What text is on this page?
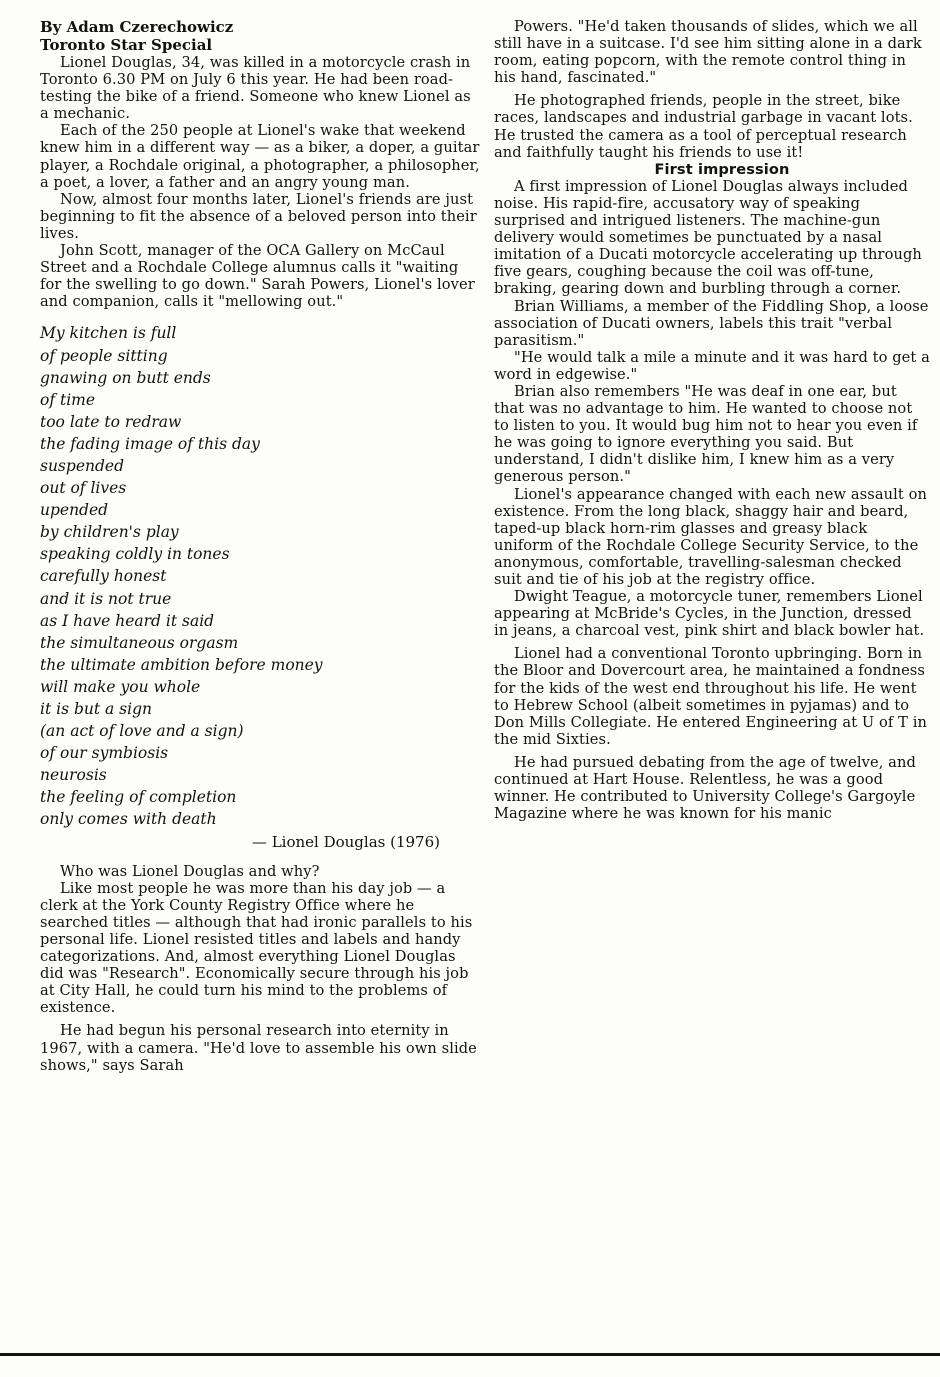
By Adam Czerechowicz
Toronto Star Special

Lionel Douglas, 34, was killed in a motorcycle crash in Toronto 6.30 PM on July 6 this year. He had been road-testing the bike of a friend. Someone who knew Lionel as a mechanic.

Each of the 250 people at Lionel's wake that weekend knew him in a different way — as a biker, a doper, a guitar player, a Rochdale original, a photographer, a philosopher, a poet, a lover, a father and an angry young man.

Now, almost four months later, Lionel's friends are just beginning to fit the absence of a beloved person into their lives.

John Scott, manager of the OCA Gallery on McCaul Street and a Rochdale College alumnus calls it "waiting for the swelling to go down." Sarah Powers, Lionel's lover and companion, calls it "mellowing out."

My kitchen is full
of people sitting
gnawing on butt ends
of time
too late to redraw
the fading image of this day
suspended
out of lives
upended
by children's play
speaking coldly in tones
carefully honest
and it is not true
as I have heard it said
the simultaneous orgasm
the ultimate ambition before money
will make you whole
it is but a sign
(an act of love and a sign)
of our symbiosis
neurosis
the feeling of completion
only comes with death
— Lionel Douglas (1976)

Who was Lionel Douglas and why?

Like most people he was more than his day job — a clerk at the York County Registry Office where he searched titles — although that had ironic parallels to his personal life. Lionel resisted titles and labels and handy categorizations. And, almost everything Lionel Douglas did was "Research". Economically secure through his job at City Hall, he could turn his mind to the problems of existence.

He had begun his personal research into eternity in 1967, with a camera. "He'd love to assemble his own slide shows," says Sarah

Powers. "He'd taken thousands of slides, which we all still have in a suitcase. I'd see him sitting alone in a dark room, eating popcorn, with the remote control thing in his hand, fascinated."

He photographed friends, people in the street, bike races, landscapes and industrial garbage in vacant lots. He trusted the camera as a tool of perceptual research and faithfully taught his friends to use it!

First impression

A first impression of Lionel Douglas always included noise. His rapid-fire, accusatory way of speaking surprised and intrigued listeners. The machine-gun delivery would sometimes be punctuated by a nasal imitation of a Ducati motorcycle accelerating up through five gears, coughing because the coil was off-tune, braking, gearing down and burbling through a corner.

Brian Williams, a member of the Fiddling Shop, a loose association of Ducati owners, labels this trait "verbal parasitism."

"He would talk a mile a minute and it was hard to get a word in edgewise."

Brian also remembers "He was deaf in one ear, but that was no advantage to him. He wanted to choose not to listen to you. It would bug him not to hear you even if he was going to ignore everything you said. But understand, I didn't dislike him, I knew him as a very generous person."

Lionel's appearance changed with each new assault on existence. From the long black, shaggy hair and beard, taped-up black horn-rim glasses and greasy black uniform of the Rochdale College Security Service, to the anonymous, comfortable, travelling-salesman checked suit and tie of his job at the registry office.

Dwight Teague, a motorcycle tuner, remembers Lionel appearing at McBride's Cycles, in the Junction, dressed in jeans, a charcoal vest, pink shirt and black bowler hat.

Lionel had a conventional Toronto upbringing. Born in the Bloor and Dovercourt area, he maintained a fondness for the kids of the west end throughout his life. He went to Hebrew School (albeit sometimes in pyjamas) and to Don Mills Collegiate. He entered Engineering at U of T in the mid Sixties.

He had pursued debating from the age of twelve, and continued at Hart House. Relentless, he was a good winner. He contributed to University College's Gargoyle Magazine where he was known for his manic
